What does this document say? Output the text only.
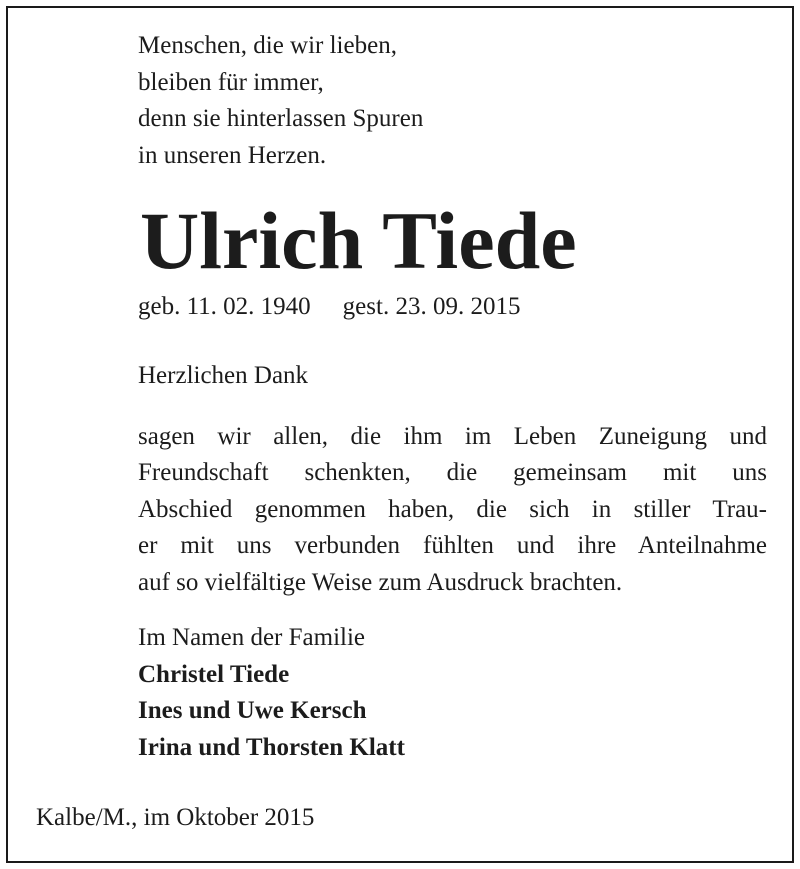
Menschen, die wir lieben,
bleiben für immer,
denn sie hinterlassen Spuren
in unseren Herzen.
Ulrich Tiede
geb. 11. 02. 1940 gest. 23. 09. 2015
Herzlichen Dank
sagen wir allen, die ihm im Leben Zuneigung und
Freundschaft schenkten, die gemeinsam mit uns
Abschied genommen haben, die sich in stiller Trau-
er mit uns verbunden fühlten und ihre Anteilnahme
auf so vielfältige Weise zum Ausdruck brachten.
Im Namen der Familie
Christel Tiede
Ines und Uwe Kersch
Irina und Thorsten Klatt
Kalbe/M., im Oktober 2015
